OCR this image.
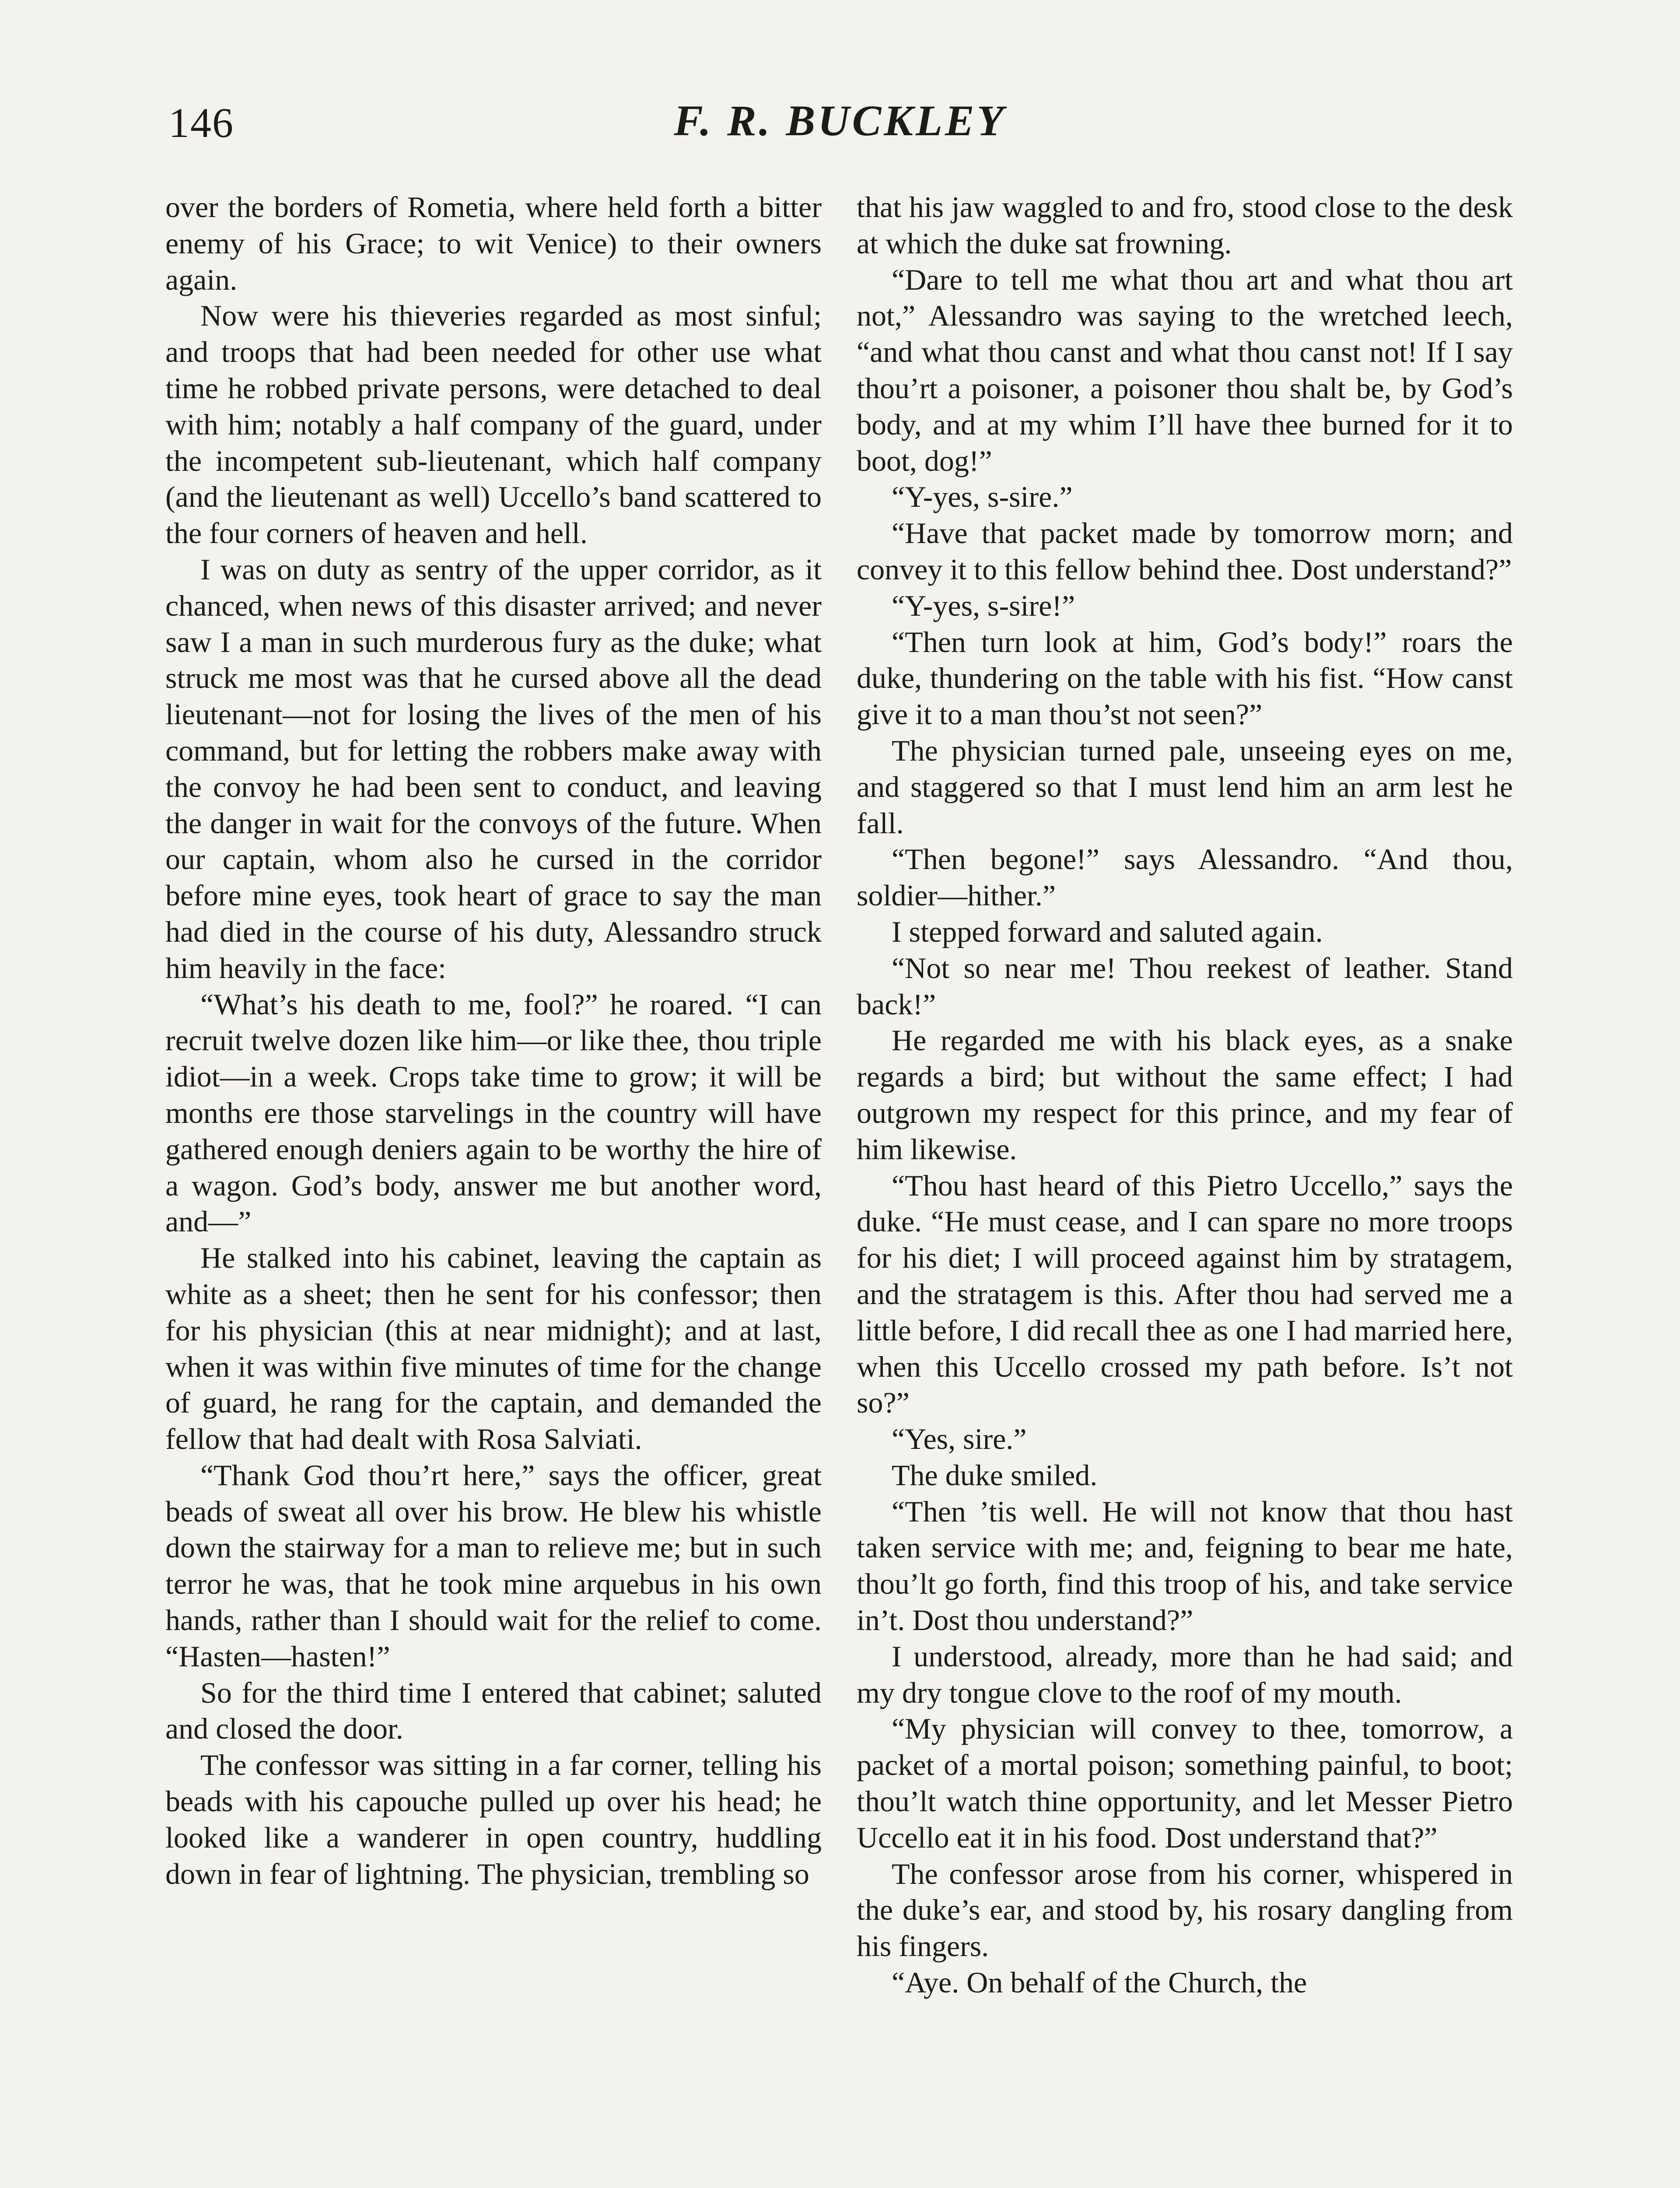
146	F. R. BUCKLEY

over the borders of Rometia, where held forth a bitter enemy of his Grace; to wit Venice) to their owners again.

Now were his thieveries regarded as most sinful; and troops that had been needed for other use what time he robbed private persons, were detached to deal with him; notably a half company of the guard, under the incompetent sub-lieutenant, which half company (and the lieutenant as well) Uccello’s band scattered to the four corners of heaven and hell.

I was on duty as sentry of the upper corridor, as it chanced, when news of this disaster arrived; and never saw I a man in such murderous fury as the duke; what struck me most was that he cursed above all the dead lieutenant—not for losing the lives of the men of his command, but for letting the robbers make away with the convoy he had been sent to conduct, and leaving the danger in wait for the convoys of the future. When our captain, whom also he cursed in the corridor before mine eyes, took heart of grace to say the man had died in the course of his duty, Alessandro struck him heavily in the face:

“What’s his death to me, fool?” he roared. “I can recruit twelve dozen like him—or like thee, thou triple idiot—in a week. Crops take time to grow; it will be months ere those starvelings in the country will have gathered enough deniers again to be worthy the hire of a wagon. God’s body, answer me but another word, and—”

He stalked into his cabinet, leaving the captain as white as a sheet; then he sent for his confessor; then for his physician (this at near midnight); and at last, when it was within five minutes of time for the change of guard, he rang for the captain, and demanded the fellow that had dealt with Rosa Salviati.

“Thank God thou’rt here,” says the officer, great beads of sweat all over his brow. He blew his whistle down the stairway for a man to relieve me; but in such terror he was, that he took mine arquebus in his own hands, rather than I should wait for the relief to come. “Hasten—hasten!”

So for the third time I entered that cabinet; saluted and closed the door.

The confessor was sitting in a far corner, telling his beads with his capouche pulled up over his head; he looked like a wanderer in open country, huddling down in fear of lightning. The physician, trembling so

that his jaw waggled to and fro, stood close to the desk at which the duke sat frowning.

“Dare to tell me what thou art and what thou art not,” Alessandro was saying to the wretched leech, “and what thou canst and what thou canst not! If I say thou’rt a poisoner, a poisoner thou shalt be, by God’s body, and at my whim I’ll have thee burned for it to boot, dog!”

“Y-yes, s-sire.”

“Have that packet made by tomorrow morn; and convey it to this fellow behind thee. Dost understand?”

“Y-yes, s-sire!”

“Then turn look at him, God’s body!” roars the duke, thundering on the table with his fist. “How canst give it to a man thou’st not seen?”

The physician turned pale, unseeing eyes on me, and staggered so that I must lend him an arm lest he fall.

“Then begone!” says Alessandro. “And thou, soldier—hither.”

I stepped forward and saluted again.

“Not so near me! Thou reekest of leather. Stand back!”

He regarded me with his black eyes, as a snake regards a bird; but without the same effect; I had outgrown my respect for this prince, and my fear of him likewise.

“Thou hast heard of this Pietro Uccello,” says the duke. “He must cease, and I can spare no more troops for his diet; I will proceed against him by stratagem, and the stratagem is this. After thou had served me a little before, I did recall thee as one I had married here, when this Uccello crossed my path before. Is’t not so?”

“Yes, sire.”

The duke smiled.

“Then ’tis well. He will not know that thou hast taken service with me; and, feigning to bear me hate, thou’lt go forth, find this troop of his, and take service in’t. Dost thou understand?”

I understood, already, more than he had said; and my dry tongue clove to the roof of my mouth.

“My physician will convey to thee, tomorrow, a packet of a mortal poison; something painful, to boot; thou’lt watch thine opportunity, and let Messer Pietro Uccello eat it in his food. Dost understand that?”

The confessor arose from his corner, whispered in the duke’s ear, and stood by, his rosary dangling from his fingers.

“Aye. On behalf of the Church, the
